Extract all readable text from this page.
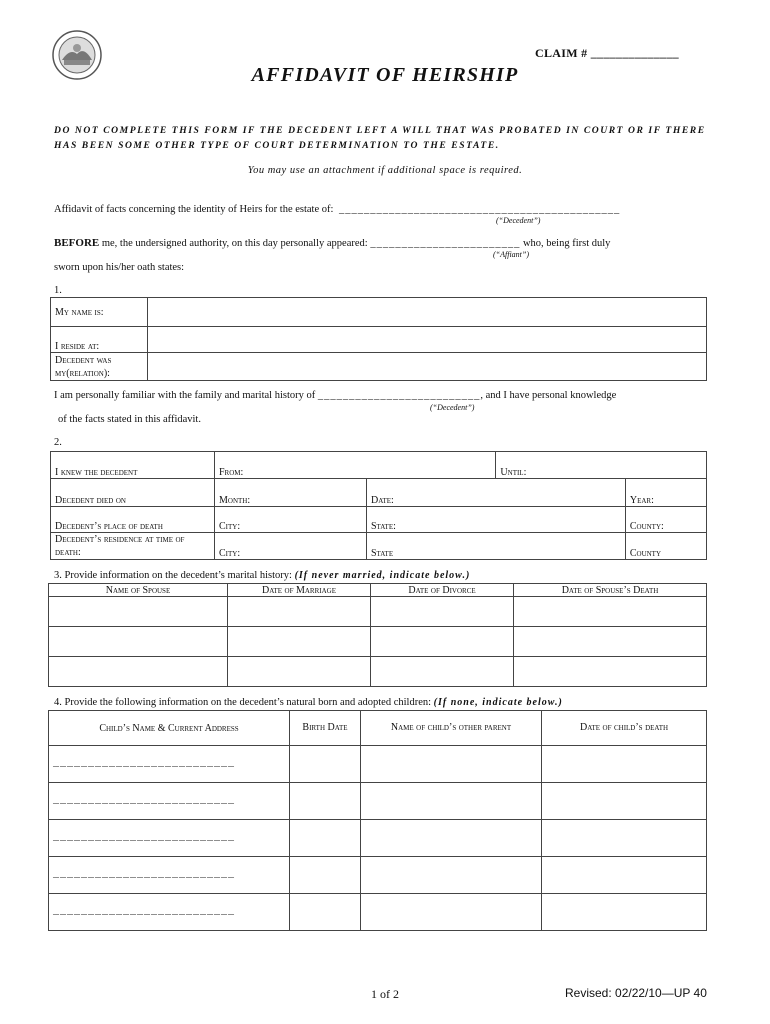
CLAIM # ______________
AFFIDAVIT OF HEIRSHIP
DO NOT COMPLETE THIS FORM IF THE DECEDENT LEFT A WILL THAT WAS PROBATED IN COURT OR IF THERE HAS BEEN SOME OTHER TYPE OF COURT DETERMINATION TO THE ESTATE.
You may use an attachment if additional space is required.
Affidavit of facts concerning the identity of Heirs for the estate of: _____________________________________________
(“Decedent”)
BEFORE me, the undersigned authority, on this day personally appeared: ________________________ who, being first duly
(“Affiant”)
sworn upon his/her oath states:
1.
My name is:	
I reside at:	
Decedent was my(relation):	
I am personally familiar with the family and marital history of __________________________, and I have personal knowledge
(“Decedent”)
of the facts stated in this affidavit.
2.
I knew the decedent	From:		Until:	
Decedent died on	Month:	Date:		Year:
Decedent’s place of death	City:	State:		County:
Decedent’s residence at time of death:	City:	State		County
3. Provide information on the decedent’s marital history: (If never married, indicate below.)
Name of Spouse	Date of Marriage	Date of Divorce	Date of Spouse’s Death

4. Provide the following information on the decedent’s natural born and adopted children: (If none, indicate below.)
Child’s Name & Current Address	Birth Date	Name of child’s other parent	Date of child’s death
__________________________			
__________________________			
__________________________			
__________________________			
__________________________			
1 of 2	Revised: 02/22/10—UP 40
